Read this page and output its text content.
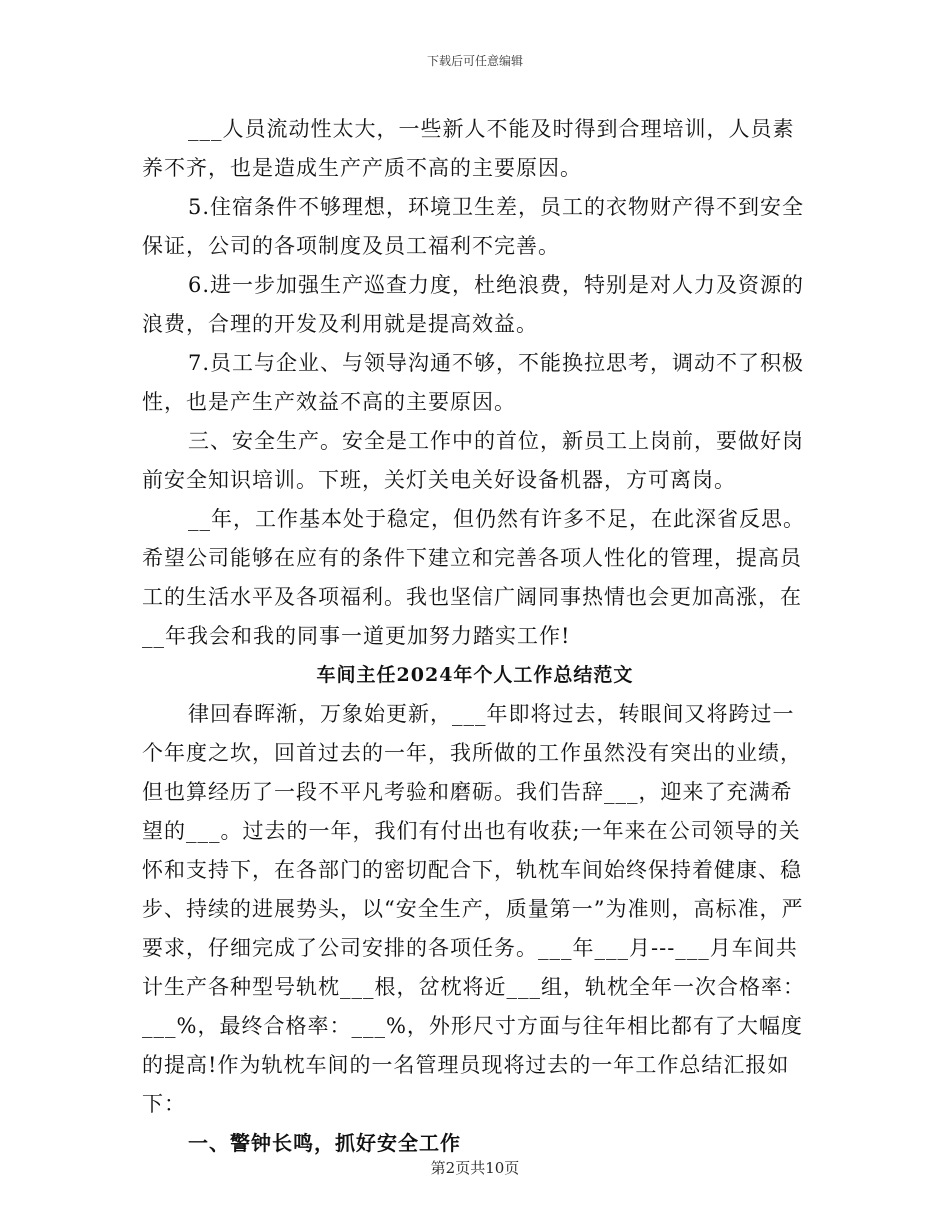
下载后可任意编辑

___人员流动性太大，一些新人不能及时得到合理培训，人员素养不齐，也是造成生产产质不高的主要原因。

5.住宿条件不够理想，环境卫生差，员工的衣物财产得不到安全保证，公司的各项制度及员工福利不完善。

6.进一步加强生产巡查力度，杜绝浪费，特别是对人力及资源的浪费，合理的开发及利用就是提高效益。

7.员工与企业、与领导沟通不够，不能换拉思考，调动不了积极性，也是产生产效益不高的主要原因。

三、安全生产。安全是工作中的首位，新员工上岗前，要做好岗前安全知识培训。下班，关灯关电关好设备机器，方可离岗。

__年，工作基本处于稳定，但仍然有许多不足，在此深省反思。希望公司能够在应有的条件下建立和完善各项人性化的管理，提高员工的生活水平及各项福利。我也坚信广阔同事热情也会更加高涨，在__年我会和我的同事一道更加努力踏实工作!

车间主任2024年个人工作总结范文

律回春晖渐，万象始更新，___年即将过去，转眼间又将跨过一个年度之坎，回首过去的一年，我所做的工作虽然没有突出的业绩，但也算经历了一段不平凡考验和磨砺。我们告辞___，迎来了充满希望的___。过去的一年，我们有付出也有收获;一年来在公司领导的关怀和支持下，在各部门的密切配合下，轨枕车间始终保持着健康、稳步、持续的进展势头，以“安全生产，质量第一”为准则，高标准，严要求，仔细完成了公司安排的各项任务。___年___月---___月车间共计生产各种型号轨枕___根，岔枕将近___组，轨枕全年一次合格率：___%，最终合格率：___%，外形尺寸方面与往年相比都有了大幅度的提高!作为轨枕车间的一名管理员现将过去的一年工作总结汇报如下：

一、警钟长鸣，抓好安全工作

第2页共10页
